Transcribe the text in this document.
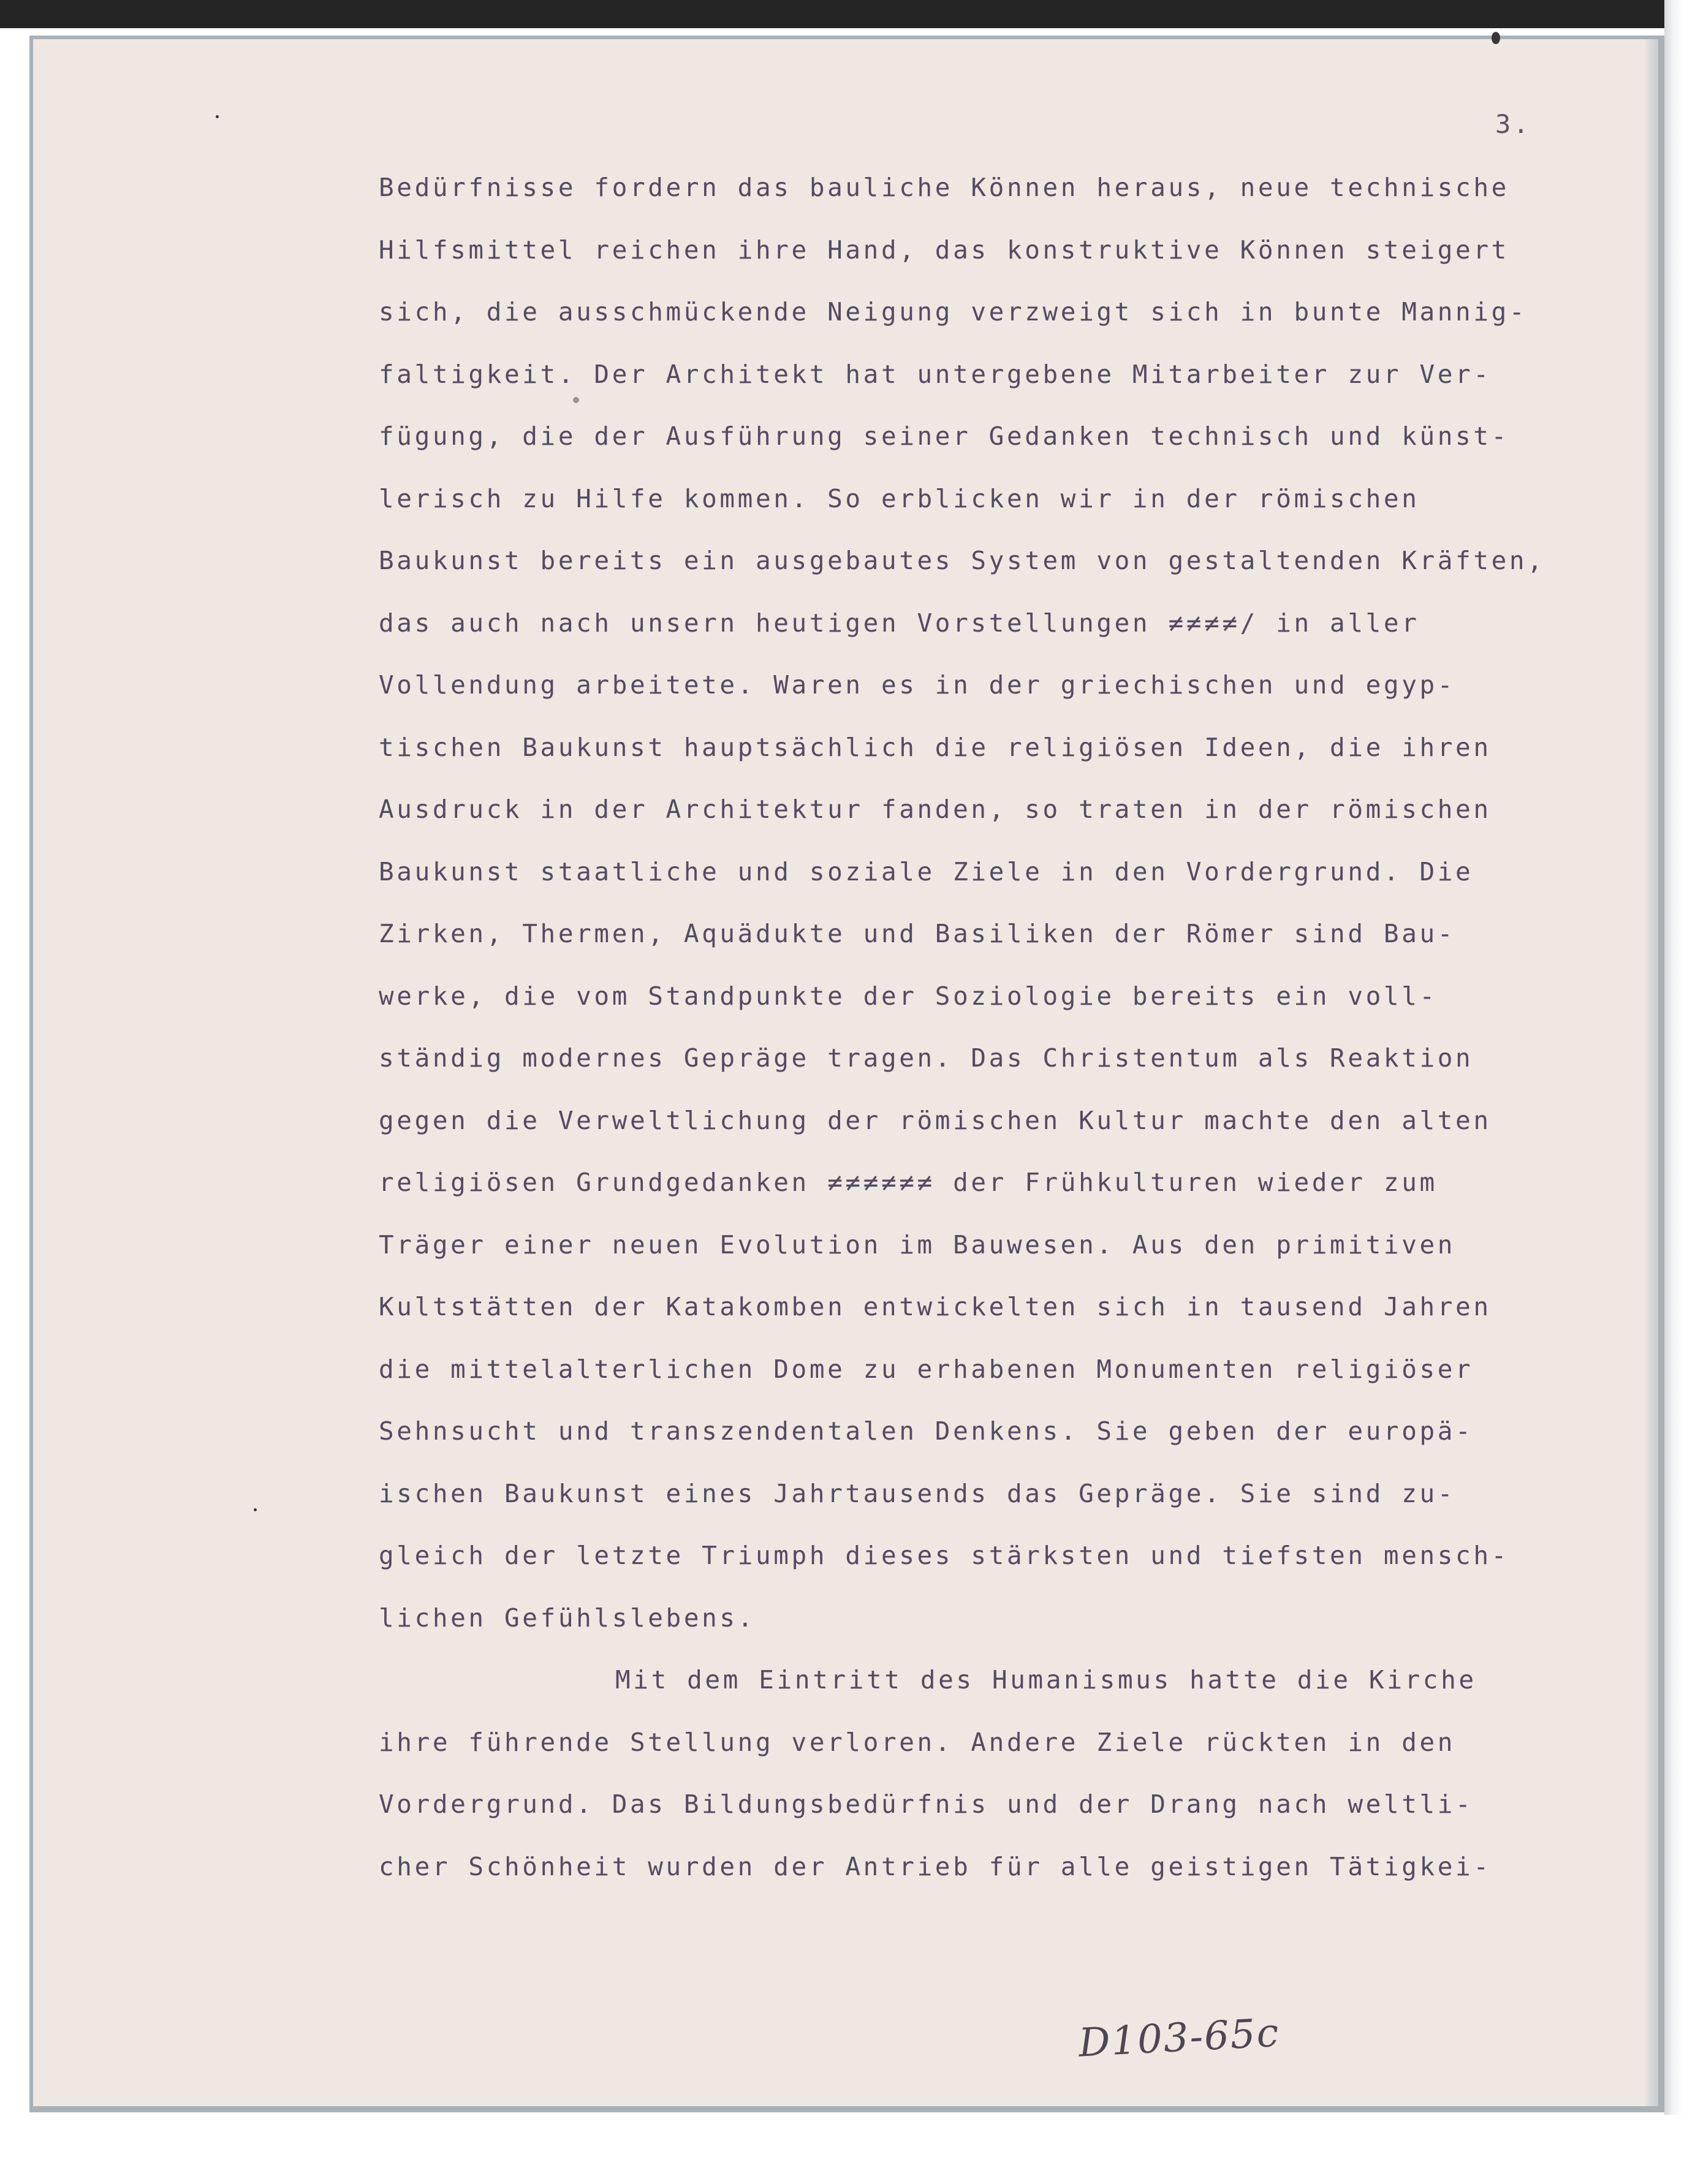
3.
Bedürfnisse fordern das bauliche Können heraus, neue technische
Hilfsmittel reichen ihre Hand, das konstruktive Können steigert
sich, die ausschmückende Neigung verzweigt sich in bunte Mannig-
faltigkeit. Der Architekt hat untergebene Mitarbeiter zur Ver-
fügung, die der Ausführung seiner Gedanken technisch und künst-
lerisch zu Hilfe kommen. So erblicken wir in der römischen
Baukunst bereits ein ausgebautes System von gestaltenden Kräften,
das auch nach unsern heutigen Vorstellungen ≠≠≠≠/ in aller
Vollendung arbeitete. Waren es in der griechischen und egyp-
tischen Baukunst hauptsächlich die religiösen Ideen, die ihren
Ausdruck in der Architektur fanden, so traten in der römischen
Baukunst staatliche und soziale Ziele in den Vordergrund. Die
Zirken, Thermen, Aquädukte und Basiliken der Römer sind Bau-
werke, die vom Standpunkte der Soziologie bereits ein voll-
ständig modernes Gepräge tragen. Das Christentum als Reaktion
gegen die Verweltlichung der römischen Kultur machte den alten
religiösen Grundgedanken ≠≠≠≠≠≠ der Frühkulturen wieder zum
Träger einer neuen Evolution im Bauwesen. Aus den primitiven
Kultstätten der Katakomben entwickelten sich in tausend Jahren
die mittelalterlichen Dome zu erhabenen Monumenten religiöser
Sehnsucht und transzendentalen Denkens. Sie geben der europä-
ischen Baukunst eines Jahrtausends das Gepräge. Sie sind zu-
gleich der letzte Triumph dieses stärksten und tiefsten mensch-
lichen Gefühlslebens.
Mit dem Eintritt des Humanismus hatte die Kirche
ihre führende Stellung verloren. Andere Ziele rückten in den
Vordergrund. Das Bildungsbedürfnis und der Drang nach weltli-
cher Schönheit wurden der Antrieb für alle geistigen Tätigkei-
D103-65c
